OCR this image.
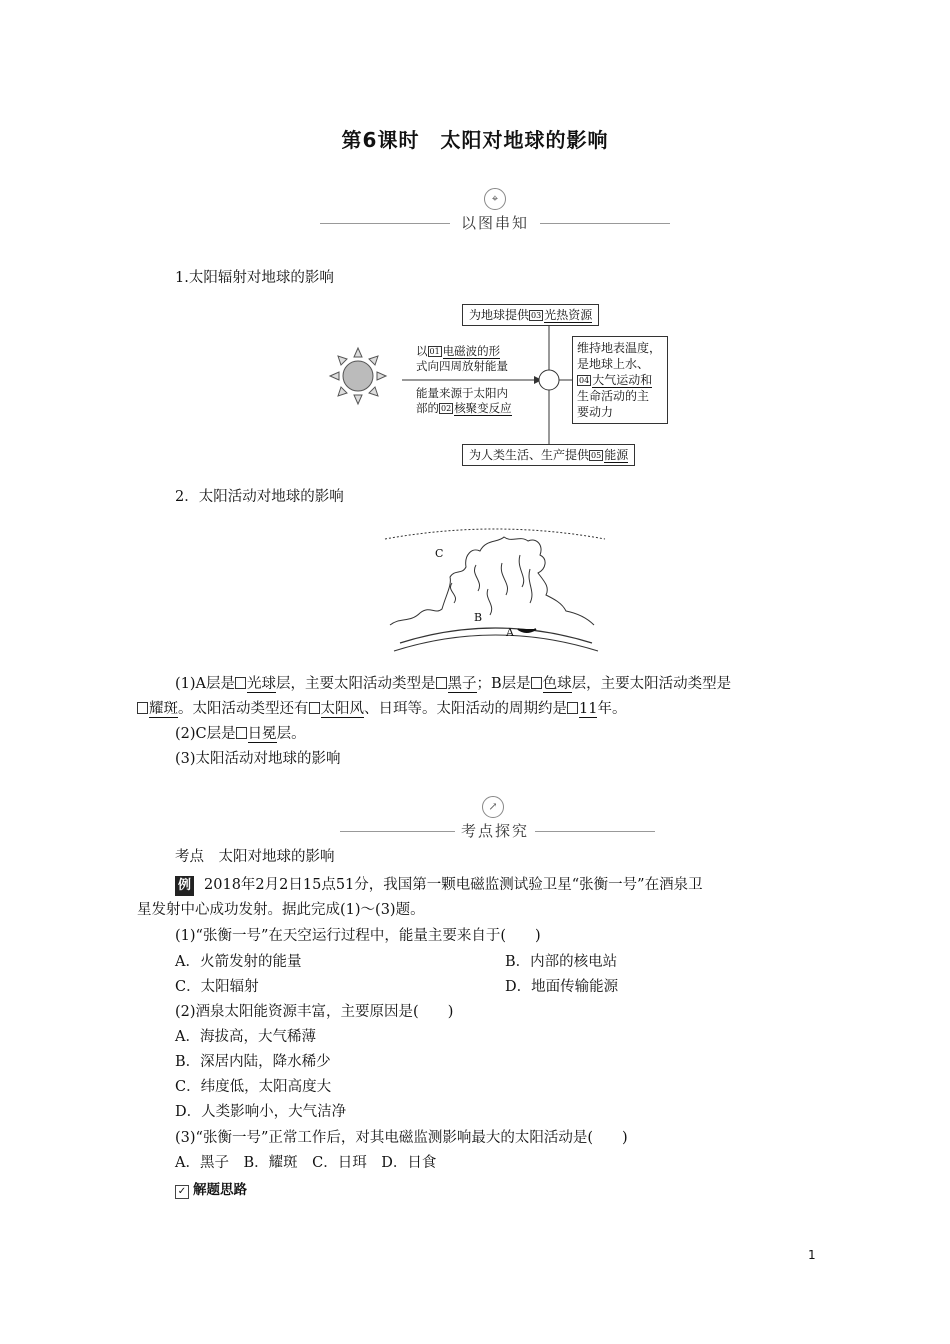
第6课时　太阳对地球的影响
⌖
以图串知
1.太阳辐射对地球的影响
为地球提供 03 光热资源
以 01 电磁波的形
式向四周放射能量
能量来源于太阳内
部的 02 核聚变反应
维持地表温度，
是地球上水、
04 大气运动和
生命活动的主
要动力
为人类生活、生产提供 05 能源
2．太阳活动对地球的影响
C
B
A
(1)A层是 光球层，主要太阳活动类型是 黑子；B层是 色球层，主要太阳活动类型是
耀斑。太阳活动类型还有 太阳风、日珥等。太阳活动的周期约是 11年。
(2)C层是 日冕层。
(3)太阳活动对地球的影响
↗
考点探究
考点　太阳对地球的影响
例 2018年2月2日15点51分，我国第一颗电磁监测试验卫星“张衡一号”在酒泉卫
星发射中心成功发射。据此完成(1)～(3)题。
(1)“张衡一号”在天空运行过程中，能量主要来自于(　　)
A．火箭发射的能量	B．内部的核电站
C．太阳辐射	D．地面传输能源
(2)酒泉太阳能资源丰富，主要原因是(　　)
A．海拔高，大气稀薄
B．深居内陆，降水稀少
C．纬度低，太阳高度大
D．人类影响小，大气洁净
(3)“张衡一号”正常工作后，对其电磁监测影响最大的太阳活动是(　　)
A．黑子　B．耀斑　C．日珥　D．日食
✓ 解题思路
1
